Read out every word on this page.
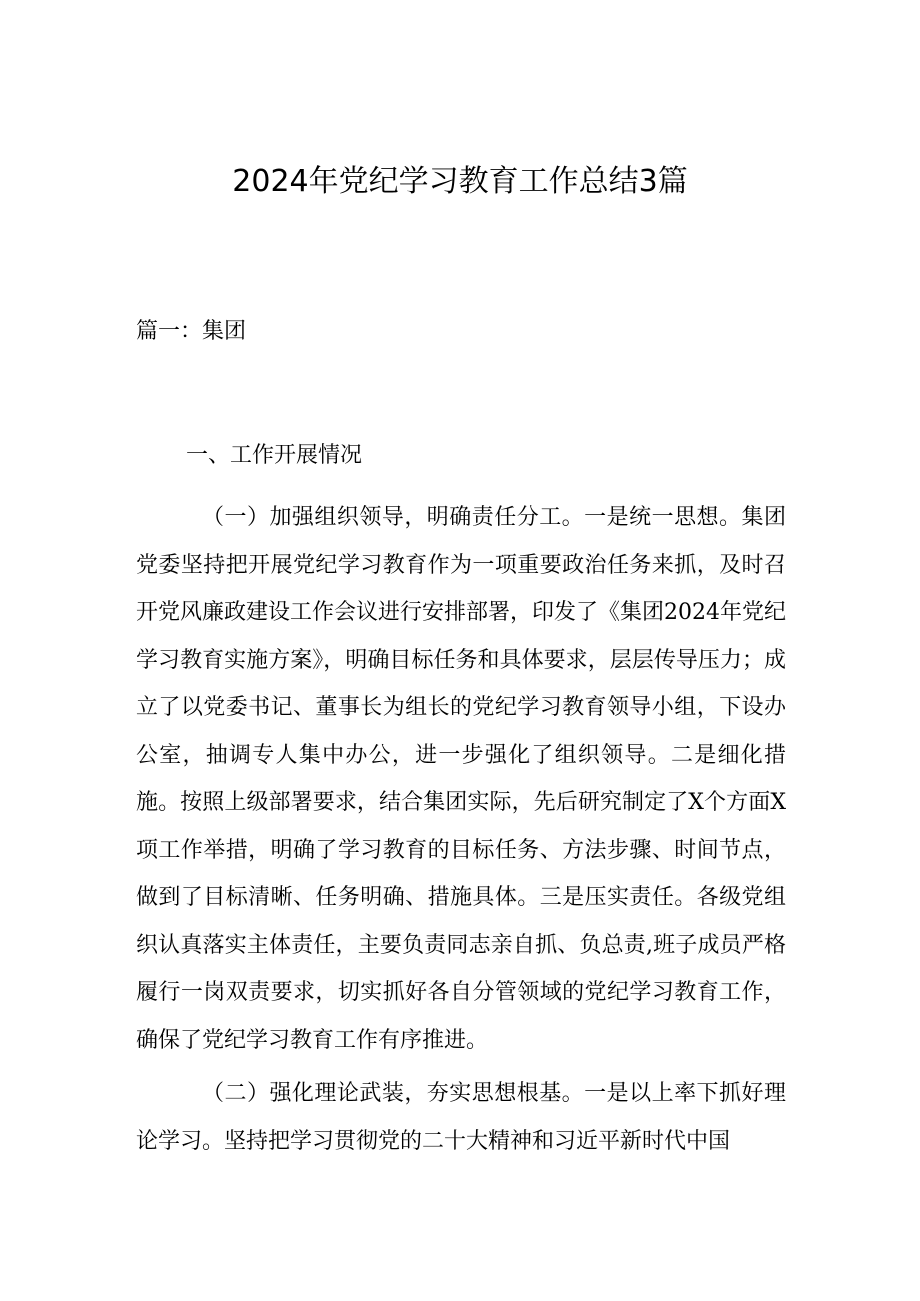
2024年党纪学习教育工作总结3篇
篇一：集团
一、工作开展情况

（一）加强组织领导，明确责任分工。一是统一思想。集团党委坚持把开展党纪学习教育作为一项重要政治任务来抓，及时召开党风廉政建设工作会议进行安排部署，印发了《集团2024年党纪学习教育实施方案》，明确目标任务和具体要求，层层传导压力；成立了以党委书记、董事长为组长的党纪学习教育领导小组，下设办公室，抽调专人集中办公，进一步强化了组织领导。二是细化措施。按照上级部署要求，结合集团实际，先后研究制定了X个方面X项工作举措，明确了学习教育的目标任务、方法步骤、时间节点，做到了目标清晰、任务明确、措施具体。三是压实责任。各级党组织认真落实主体责任，主要负责同志亲自抓、负总责,班子成员严格履行一岗双责要求，切实抓好各自分管领域的党纪学习教育工作，确保了党纪学习教育工作有序推进。

（二）强化理论武装，夯实思想根基。一是以上率下抓好理论学习。坚持把学习贯彻党的二十大精神和习近平新时代中国
